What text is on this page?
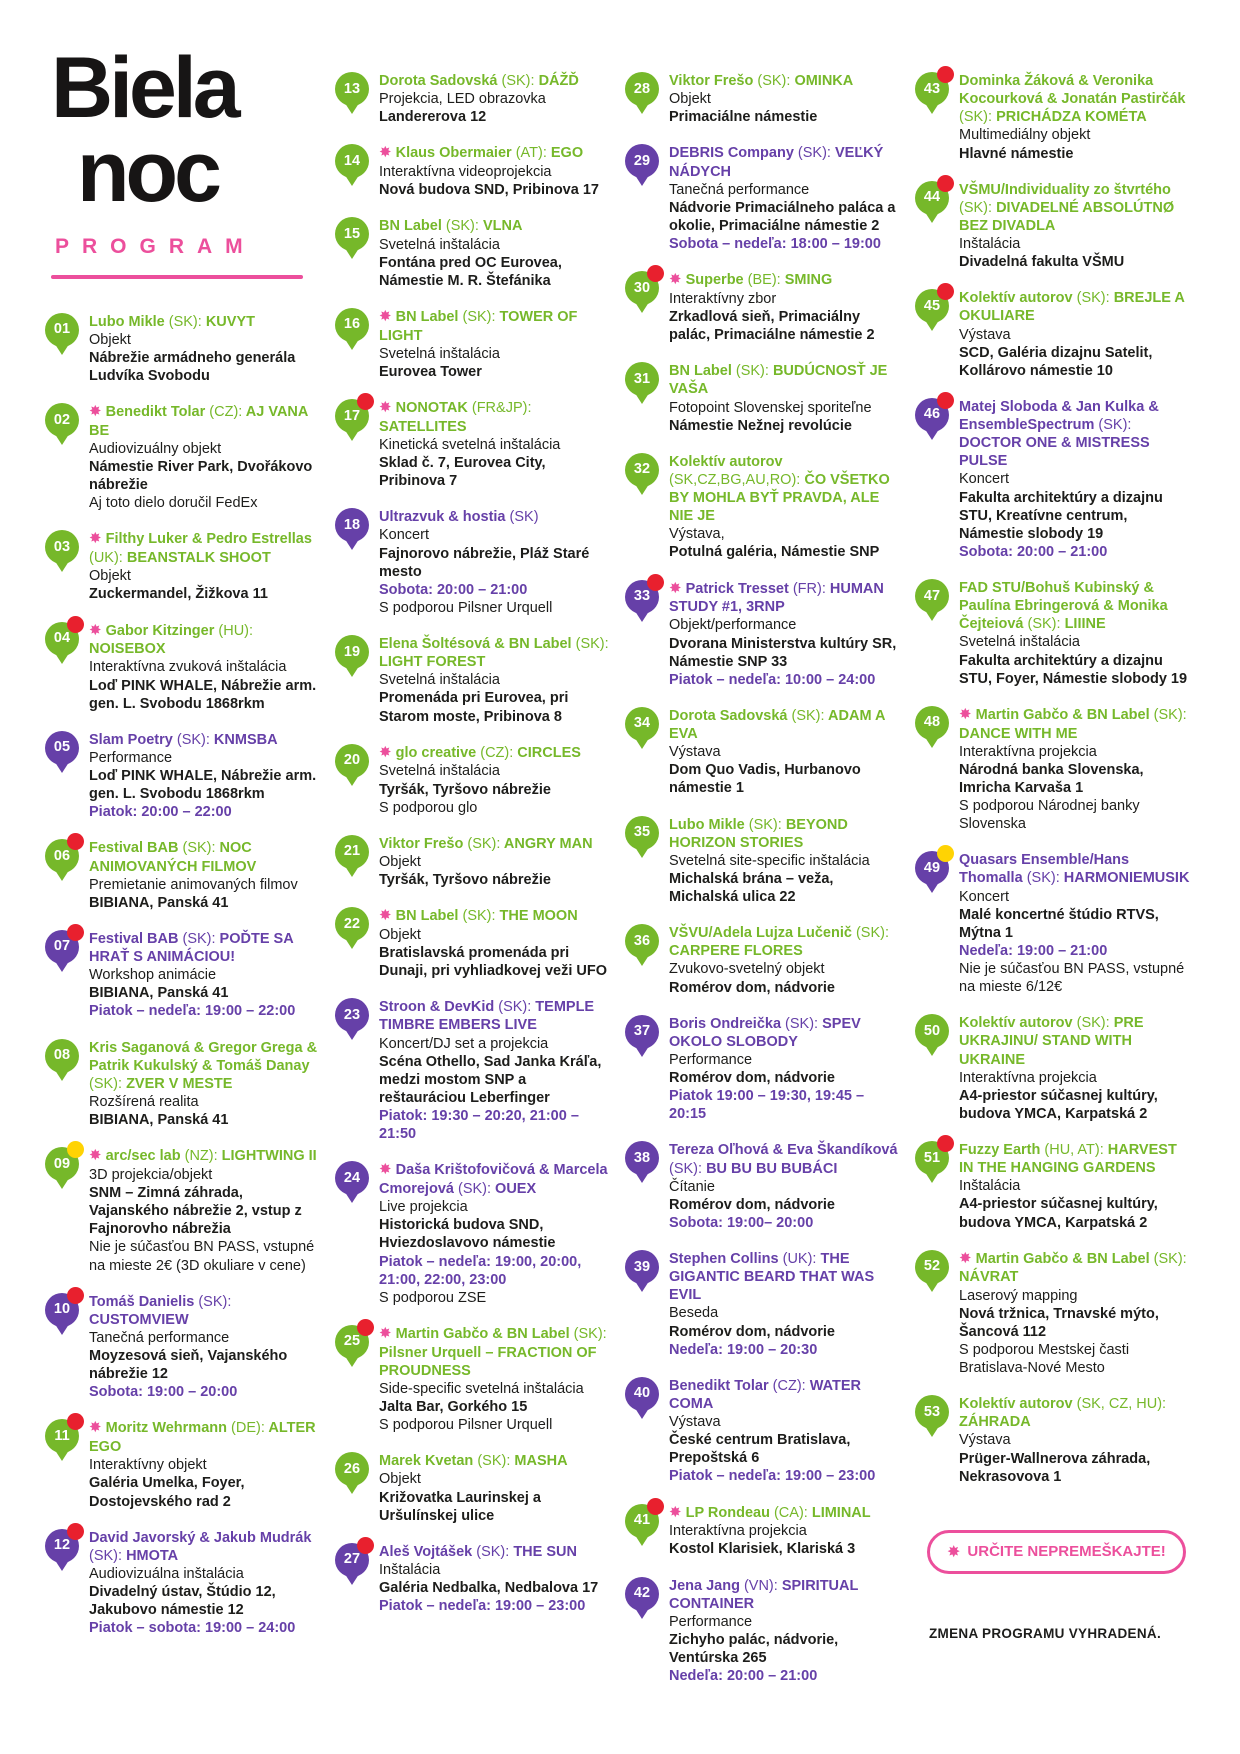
Biela
noc
PROGRAM
01 Lubo Mikle (SK): KUVYT
Objekt
Nábrežie armádneho generála Ludvíka Svobodu
02 ✸ Benedikt Tolar (CZ): AJ VANA BE
Audiovizuálny objekt
Námestie River Park, Dvořákovo nábrežie
Aj toto dielo doručil FedEx
03 ✸ Filthy Luker & Pedro Estrellas (UK): BEANSTALK SHOOT
Objekt
Zuckermandel, Žižkova 11
04 ✸ Gabor Kitzinger (HU): NOISEBOX
Interaktívna zvuková inštalácia
Loď PINK WHALE, Nábrežie arm. gen. L. Svobodu 1868rkm
05 Slam Poetry (SK): KNMSBA
Performance
Loď PINK WHALE, Nábrežie arm. gen. L. Svobodu 1868rkm
Piatok: 20:00 – 22:00
06 Festival BAB (SK): NOC ANIMOVANÝCH FILMOV
Premietanie animovaných filmov
BIBIANA, Panská 41
07 Festival BAB (SK): POĎTE SA HRAŤ S ANIMÁCIOU!
Workshop animácie
BIBIANA, Panská 41
Piatok – nedeľa: 19:00 – 22:00
08 Kris Saganová & Gregor Grega & Patrik Kukulský & Tomáš Danay (SK): ZVER V MESTE
Rozšírená realita
BIBIANA, Panská 41
09 ✸ arc/sec lab (NZ): LIGHTWING II
3D projekcia/objekt
SNM – Zimná záhrada, Vajanského nábrežie 2, vstup z Fajnorovho nábrežia
Nie je súčasťou BN PASS, vstupné na mieste 2€ (3D okuliare v cene)
10 Tomáš Danielis (SK): CUSTOMVIEW
Tanečná performance
Moyzesová sieň, Vajanského nábrežie 12
Sobota: 19:00 – 20:00
11 ✸ Moritz Wehrmann (DE): ALTER EGO
Interaktívny objekt
Galéria Umelka, Foyer, Dostojevského rad 2
12 David Javorský & Jakub Mudrák (SK): HMOTA
Audiovizuálna inštalácia
Divadelný ústav, Štúdio 12, Jakubovo námestie 12
Piatok – sobota: 19:00 – 24:00
13 Dorota Sadovská (SK): DÁŽĎ
Projekcia, LED obrazovka
Landererova 12
14 ✸ Klaus Obermaier (AT): EGO
Interaktívna videoprojekcia
Nová budova SND, Pribinova 17
15 BN Label (SK): VLNA
Svetelná inštalácia
Fontána pred OC Eurovea, Námestie M. R. Štefánika
16 ✸ BN Label (SK): TOWER OF LIGHT
Svetelná inštalácia
Eurovea Tower
17 ✸ NONOTAK (FR&JP): SATELLITES
Kinetická svetelná inštalácia
Sklad č. 7, Eurovea City, Pribinova 7
18 Ultrazvuk & hostia (SK)
Koncert
Fajnorovo nábrežie, Pláž Staré mesto
Sobota: 20:00 – 21:00
S podporou Pilsner Urquell
19 Elena Šoltésová & BN Label (SK): LIGHT FOREST
Svetelná inštalácia
Promenáda pri Eurovea, pri Starom moste, Pribinova 8
20 ✸ glo creative (CZ): CIRCLES
Svetelná inštalácia
Tyršák, Tyršovo nábrežie
S podporou glo
21 Viktor Frešo (SK): ANGRY MAN
Objekt
Tyršák, Tyršovo nábrežie
22 ✸ BN Label (SK): THE MOON
Objekt
Bratislavská promenáda pri Dunaji, pri vyhliadkovej veži UFO
23 Stroon & DevKid (SK): TEMPLE TIMBRE EMBERS LIVE
Koncert/DJ set a projekcia
Scéna Othello, Sad Janka Kráľa, medzi mostom SNP a reštauráciou Leberfinger
Piatok: 19:30 – 20:20, 21:00 – 21:50
24 ✸ Daša Krištofovičová & Marcela Cmorejová (SK): OUEX
Live projekcia
Historická budova SND, Hviezdoslavovo námestie
Piatok – nedeľa: 19:00, 20:00, 21:00, 22:00, 23:00
S podporou ZSE
25 ✸ Martin Gabčo & BN Label (SK): Pilsner Urquell – FRACTION OF PROUDNESS
Side-specific svetelná inštalácia
Jalta Bar, Gorkého 15
S podporou Pilsner Urquell
26 Marek Kvetan (SK): MASHA
Objekt
Križovatka Laurinskej a Uršulínskej ulice
27 Aleš Vojtášek (SK): THE SUN
Inštalácia
Galéria Nedbalka, Nedbalova 17
Piatok – nedeľa: 19:00 – 23:00
28 Viktor Frešo (SK): OMINKA
Objekt
Primaciálne námestie
29 DEBRIS Company (SK): VEĽKÝ NÁDYCH
Tanečná performance
Nádvorie Primaciálneho paláca a okolie, Primaciálne námestie 2
Sobota – nedeľa: 18:00 – 19:00
30 ✸ Superbe (BE): SMING
Interaktívny zbor
Zrkadlová sieň, Primaciálny palác, Primaciálne námestie 2
31 BN Label (SK): BUDÚCNOSŤ JE VAŠA
Fotopoint Slovenskej sporiteľne
Námestie Nežnej revolúcie
32 Kolektív autorov (SK,CZ,BG,AU,RO): ČO VŠETKO BY MOHLA BYŤ PRAVDA, ALE NIE JE
Výstava,
Potulná galéria, Námestie SNP
33 ✸ Patrick Tresset (FR): HUMAN STUDY #1, 3RNP
Objekt/performance
Dvorana Ministerstva kultúry SR, Námestie SNP 33
Piatok – nedeľa: 10:00 – 24:00
34 Dorota Sadovská (SK): ADAM A EVA
Výstava
Dom Quo Vadis, Hurbanovo námestie 1
35 Lubo Mikle (SK): BEYOND HORIZON STORIES
Svetelná site-specific inštalácia
Michalská brána – veža, Michalská ulica 22
36 VŠVU/Adela Lujza Lučenič (SK): CARPERE FLORES
Zvukovo-svetelný objekt
Romérov dom, nádvorie
37 Boris Ondreička (SK): SPEV OKOLO SLOBODY
Performance
Romérov dom, nádvorie
Piatok 19:00 – 19:30, 19:45 – 20:15
38 Tereza Oľhová & Eva Škandíková (SK): BU BU BU BUBÁCI
Čítanie
Romérov dom, nádvorie
Sobota: 19:00– 20:00
39 Stephen Collins (UK): THE GIGANTIC BEARD THAT WAS EVIL
Beseda
Romérov dom, nádvorie
Nedeľa: 19:00 – 20:30
40 Benedikt Tolar (CZ): WATER COMA
Výstava
České centrum Bratislava, Prepoštská 6
Piatok – nedeľa: 19:00 – 23:00
41 ✸ LP Rondeau (CA): LIMINAL
Interaktívna projekcia
Kostol Klarisiek, Klariská 3
42 Jena Jang (VN): SPIRITUAL CONTAINER
Performance
Zichyho palác, nádvorie, Ventúrska 265
Nedeľa: 20:00 – 21:00
43 Dominka Žáková & Veronika Kocourková & Jonatán Pastirčák (SK): PRICHÁDZA KOMÉTA
Multimediálny objekt
Hlavné námestie
44 VŠMU/Individuality zo štvrtého (SK): DIVADELNÉ ABSOLÚTNØ BEZ DIVADLA
Inštalácia
Divadelná fakulta VŠMU
45 Kolektív autorov (SK): BREJLE A OKULIARE
Výstava
SCD, Galéria dizajnu Satelit, Kollárovo námestie 10
46 Matej Sloboda & Jan Kulka & EnsembleSpectrum (SK): DOCTOR ONE & MISTRESS PULSE
Koncert
Fakulta architektúry a dizajnu STU, Kreatívne centrum, Námestie slobody 19
Sobota: 20:00 – 21:00
47 FAD STU/Bohuš Kubinský & Paulína Ebringerová & Monika Čejteiová (SK): LIIINE
Svetelná inštalácia
Fakulta architektúry a dizajnu STU, Foyer, Námestie slobody 19
48 ✸ Martin Gabčo & BN Label (SK): DANCE WITH ME
Interaktívna projekcia
Národná banka Slovenska, Imricha Karvaša 1
S podporou Národnej banky Slovenska
49 Quasars Ensemble/Hans Thomalla (SK): HARMONIEMUSIK
Koncert
Malé koncertné štúdio RTVS, Mýtna 1
Nedeľa: 19:00 – 21:00
Nie je súčasťou BN PASS, vstupné na mieste 6/12€
50 Kolektív autorov (SK): PRE UKRAJINU/ STAND WITH UKRAINE
Interaktívna projekcia
A4-priestor súčasnej kultúry, budova YMCA, Karpatská 2
51 Fuzzy Earth (HU, AT): HARVEST IN THE HANGING GARDENS
Inštalácia
A4-priestor súčasnej kultúry, budova YMCA, Karpatská 2
52 ✸ Martin Gabčo & BN Label (SK): NÁVRAT
Laserový mapping
Nová tržnica, Trnavské mýto, Šancová 112
S podporou Mestskej časti Bratislava-Nové Mesto
53 Kolektív autorov (SK, CZ, HU): ZÁHRADA
Výstava
Prüger-Wallnerova záhrada, Nekrasovova 1
✸ URČITE NEPREMEŠKAJTE!
ZMENA PROGRAMU VYHRADENÁ.
